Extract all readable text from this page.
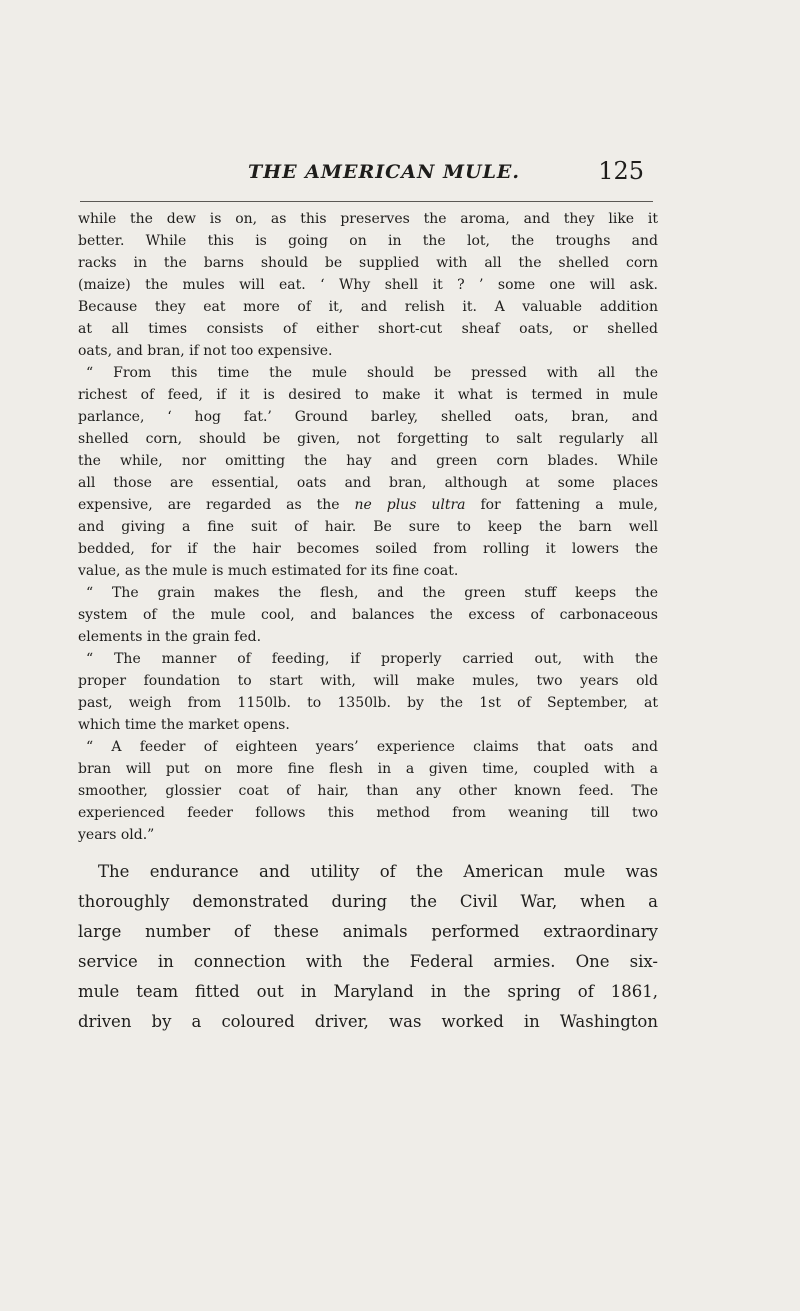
THE AMERICAN MULE.	125
while the dew is on, as this preserves the aroma, and they like it
better. While this is going on in the lot, the troughs and
racks in the barns should be supplied with all the shelled corn
(maize) the mules will eat. ‘ Why shell it ? ’ some one will ask.
Because they eat more of it, and relish it. A valuable addition
at all times consists of either short-cut sheaf oats, or shelled
oats, and bran, if not too expensive.
“ From this time the mule should be pressed with all the
richest of feed, if it is desired to make it what is termed in mule
parlance, ‘ hog fat.’ Ground barley, shelled oats, bran, and
shelled corn, should be given, not forgetting to salt regularly all
the while, nor omitting the hay and green corn blades. While
all those are essential, oats and bran, although at some places
expensive, are regarded as the ne plus ultra for fattening a mule,
and giving a fine suit of hair. Be sure to keep the barn well
bedded, for if the hair becomes soiled from rolling it lowers the
value, as the mule is much estimated for its fine coat.
“ The grain makes the flesh, and the green stuff keeps the
system of the mule cool, and balances the excess of carbonaceous
elements in the grain fed.
“ The manner of feeding, if properly carried out, with the
proper foundation to start with, will make mules, two years old
past, weigh from 1150lb. to 1350lb. by the 1st of September, at
which time the market opens.
“ A feeder of eighteen years’ experience claims that oats and
bran will put on more fine flesh in a given time, coupled with a
smoother, glossier coat of hair, than any other known feed. The
experienced feeder follows this method from weaning till two
years old.”
The endurance and utility of the American mule was
thoroughly demonstrated during the Civil War, when a
large number of these animals performed extraordinary
service in connection with the Federal armies. One six-
mule team fitted out in Maryland in the spring of 1861,
driven by a coloured driver, was worked in Washington
